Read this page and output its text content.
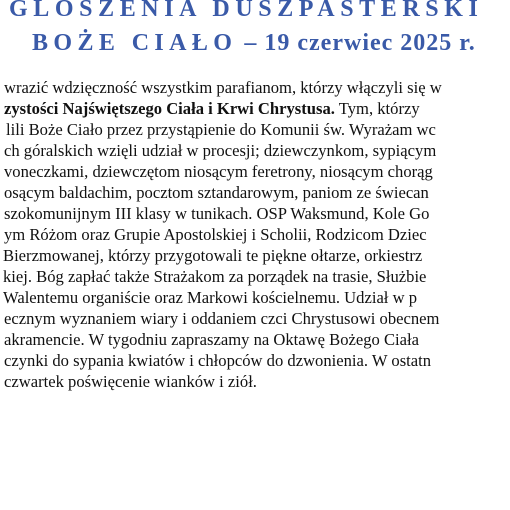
GLOSZENIA DUSZPASTERSKI
BOŻE CIAŁO – 19 czerwiec 2025 r.
wrazić wdzięczność wszystkim parafianom, którzy włączyli się w
zystości Najświętszego Ciała i Krwi Chrystusa. Tym, którzy
lili Boże Ciało przez przystąpienie do Komunii św. Wyrażam wc
ch góralskich wzięli udział w procesji; dziewczynkom, sypiącym
voneczkami, dziewczętom niosącym feretrony, niosącym chorąg
osącym baldachim, pocztom sztandarowym, paniom ze świecan
szokomunijnym III klasy w tunikach. OSP Waksmund, Kole Go
ym Różom oraz Grupie Apostolskiej i Scholii, Rodzicom Dziec
Bierzmowanej, którzy przygotowali te piękne ołtarze, orkiestrz
kiej. Bóg zapłać także Strażakom za porządek na trasie, Służbie
Walentemu organiście oraz Markowi kościelnemu. Udział w p
ecznym wyznaniem wiary i oddaniem czci Chrystusowi obecnem
akramencie. W tygodniu zapraszamy na Oktawę Bożego Ciała
czynki do sypania kwiatów i chłopców do dzwonienia. W ostatn
czwartek poświęcenie wianków i ziół.
